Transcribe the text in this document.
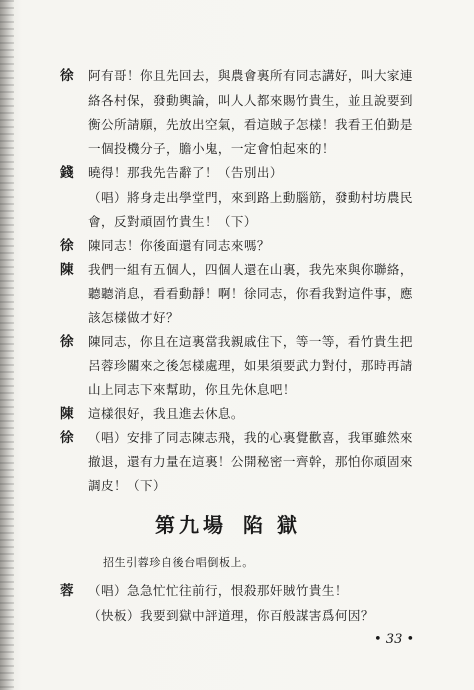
徐 阿有哥！你且先回去，與農會裏所有同志講好，叫大家連
絡各村保，發動輿論，叫人人都來賜竹貴生，並且說要到
衡公所請願，先放出空氣，看這賊子怎樣！我看王伯勤是
一個投機分子，膽小鬼，一定會怕起來的！
錢 曉得！那我先告辭了！（告別出）
（唱）將身走出學堂門，來到路上動腦筋，發動村坊農民
會，反對頑固竹貴生！（下）
徐 陳同志！你後面還有同志來嗎？
陳 我們一組有五個人，四個人還在山裏，我先來與你聯絡，
聽聽消息，看看動靜！啊！徐同志，你看我對這件事，應
該怎樣做才好？
徐 陳同志，你且在這裏當我親戚住下，等一等，看竹貴生把
呂蓉珍關來之後怎樣處理，如果須要武力對付，那時再請
山上同志下來幫助，你且先休息吧！
陳 這樣很好，我且進去休息。
徐 （唱）安排了同志陳志飛，我的心裏覺歡喜，我軍雖然來
撤退，還有力量在這裏！公開秘密一齊幹，那怕你頑固來
調皮！（下）
第九場 陷獄
招生引蓉珍自後台唱倒板上。
蓉 （唱）急急忙忙往前行，恨殺那奸賊竹貴生！
（快板）我要到獄中評道理，你百般謀害爲何因？
• 33 •
